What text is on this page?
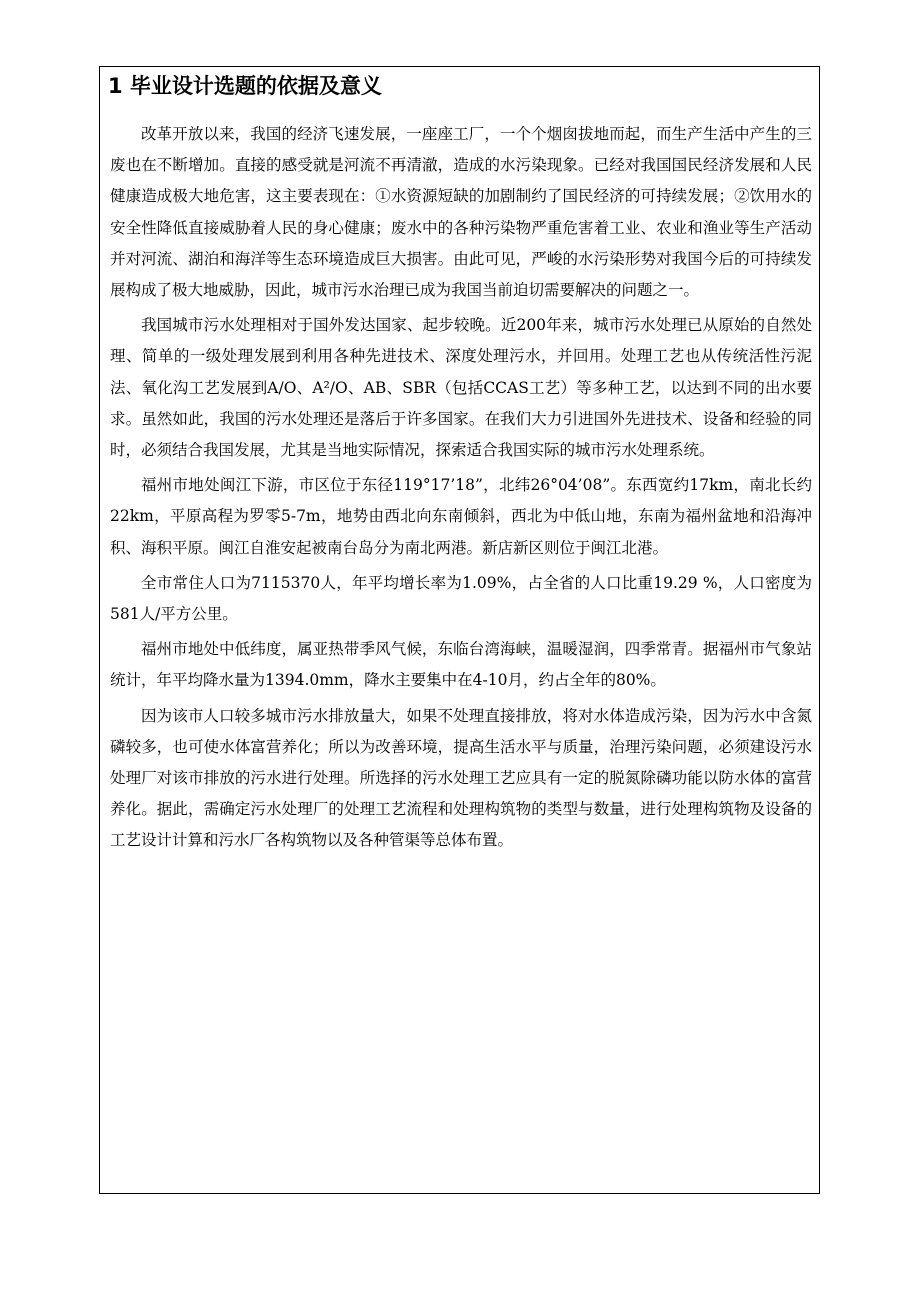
1 毕业设计选题的依据及意义

改革开放以来，我国的经济飞速发展，一座座工厂，一个个烟囱拔地而起，而生产生活中产生的三废也在不断增加。直接的感受就是河流不再清澈，造成的水污染现象。已经对我国国民经济发展和人民健康造成极大地危害，这主要表现在：①水资源短缺的加剧制约了国民经济的可持续发展；②饮用水的安全性降低直接威胁着人民的身心健康；废水中的各种污染物严重危害着工业、农业和渔业等生产活动并对河流、湖泊和海洋等生态环境造成巨大损害。由此可见，严峻的水污染形势对我国今后的可持续发展构成了极大地威胁，因此，城市污水治理已成为我国当前迫切需要解决的问题之一。

我国城市污水处理相对于国外发达国家、起步较晚。近200年来，城市污水处理已从原始的自然处理、简单的一级处理发展到利用各种先进技术、深度处理污水，并回用。处理工艺也从传统活性污泥法、氧化沟工艺发展到A/O、A²/O、AB、SBR（包括CCAS工艺）等多种工艺，以达到不同的出水要求。虽然如此，我国的污水处理还是落后于许多国家。在我们大力引进国外先进技术、设备和经验的同时，必须结合我国发展，尤其是当地实际情况，探索适合我国实际的城市污水处理系统。

福州市地处闽江下游，市区位于东径119°17’18”，北纬26°04’08”。东西宽约17km，南北长约22km，平原高程为罗零5-7m，地势由西北向东南倾斜，西北为中低山地，东南为福州盆地和沿海冲积、海积平原。闽江自淮安起被南台岛分为南北两港。新店新区则位于闽江北港。

全市常住人口为7115370人，年平均增长率为1.09%，占全省的人口比重19.29 %，人口密度为581人/平方公里。

福州市地处中低纬度，属亚热带季风气候，东临台湾海峡，温暖湿润，四季常青。据福州市气象站统计，年平均降水量为1394.0mm，降水主要集中在4-10月，约占全年的80%。

因为该市人口较多城市污水排放量大，如果不处理直接排放，将对水体造成污染，因为污水中含氮磷较多，也可使水体富营养化；所以为改善环境，提高生活水平与质量，治理污染问题，必须建设污水处理厂对该市排放的污水进行处理。所选择的污水处理工艺应具有一定的脱氮除磷功能以防水体的富营养化。据此，需确定污水处理厂的处理工艺流程和处理构筑物的类型与数量，进行处理构筑物及设备的工艺设计计算和污水厂各构筑物以及各种管渠等总体布置。
